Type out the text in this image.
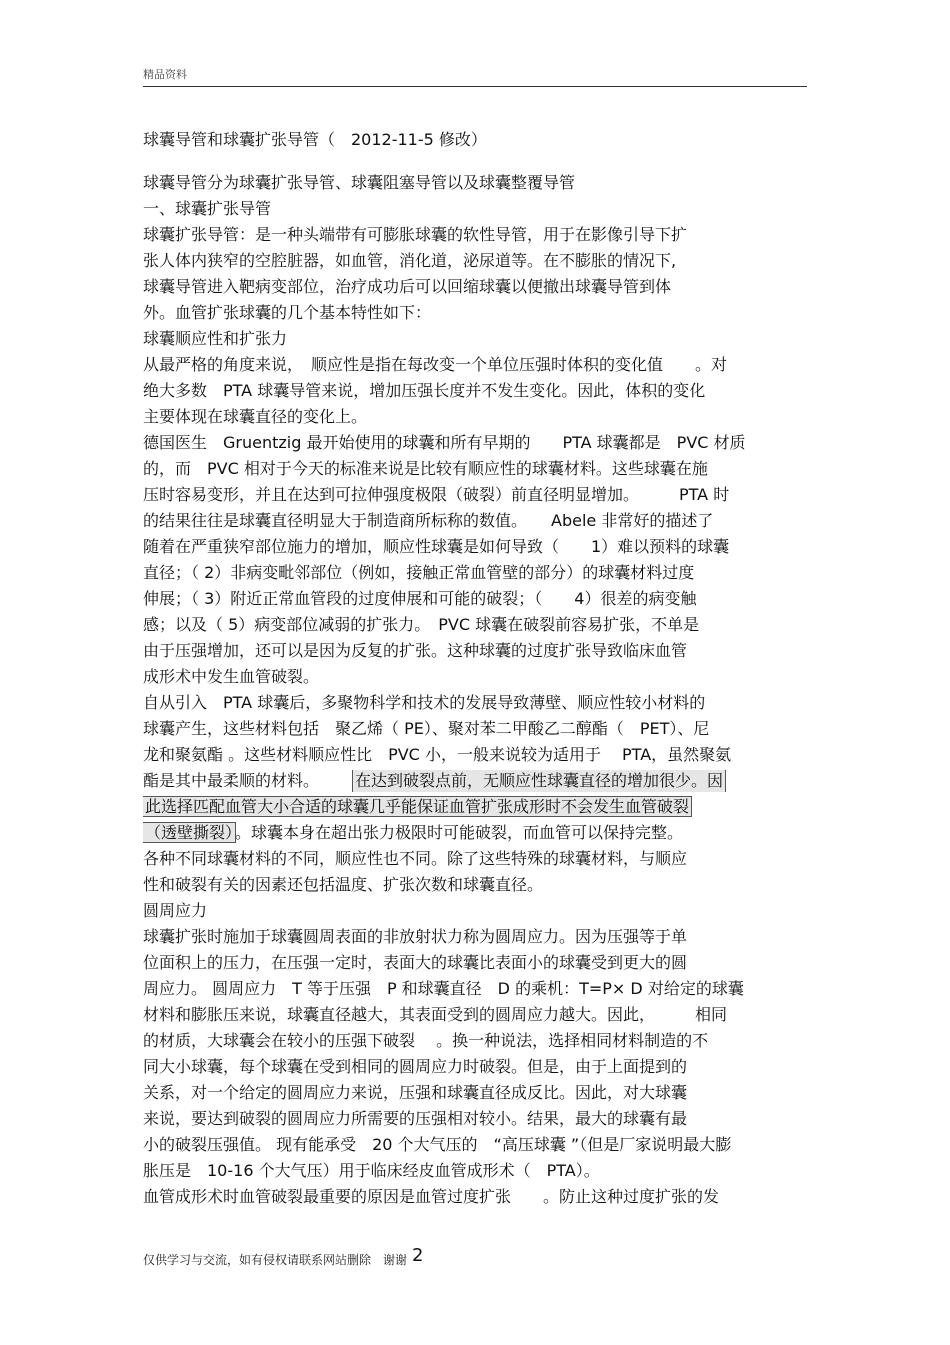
精品资料
球囊导管和球囊扩张导管（　2012-11-5 修改）
球囊导管分为球囊扩张导管、球囊阻塞导管以及球囊整覆导管
一、球囊扩张导管
球囊扩张导管：是一种头端带有可膨胀球囊的软性导管，用于在影像引导下扩
张人体内狭窄的空腔脏器，如血管，消化道，泌尿道等。在不膨胀的情况下,
球囊导管进入靶病变部位，治疗成功后可以回缩球囊以便撤出球囊导管到体
外。血管扩张球囊的几个基本特性如下：
球囊顺应性和扩张力
从最严格的角度来说，　顺应性是指在每改变一个单位压强时体积的变化值　　。对
绝大多数　PTA 球囊导管来说，增加压强长度并不发生变化。因此，体积的变化
主要体现在球囊直径的变化上。
德国医生　Gruentzig 最开始使用的球囊和所有早期的　　PTA 球囊都是　PVC 材质
的，而　PVC 相对于今天的标准来说是比较有顺应性的球囊材料。这些球囊在施
压时容易变形，并且在达到可拉伸强度极限（破裂）前直径明显增加。　　　PTA 时
的结果往往是球囊直径明显大于制造商所标称的数值。　　Abele 非常好的描述了
随着在严重狭窄部位施力的增加，顺应性球囊是如何导致（　　1）难以预料的球囊
直径；（ 2）非病变毗邻部位（例如，接触正常血管壁的部分）的球囊材料过度
伸展；（ 3）附近正常血管段的过度伸展和可能的破裂；（　　4）很差的病变触
感；以及（ 5）病变部位减弱的扩张力。　PVC 球囊在破裂前容易扩张，不单是
由于压强增加，还可以是因为反复的扩张。这种球囊的过度扩张导致临床血管
成形术中发生血管破裂。
自从引入　PTA 球囊后，多聚物科学和技术的发展导致薄壁、顺应性较小材料的
球囊产生，这些材料包括　聚乙烯（ PE）、聚对苯二甲酸乙二醇酯（　PET）、尼
龙和聚氨酯 。这些材料顺应性比　PVC 小，一般来说较为适用于　 PTA，虽然聚氨
酯是其中最柔顺的材料。 在达到破裂点前，无顺应性球囊直径的增加很少。因
此选择匹配血管大小合适的球囊几乎能保证血管扩张成形时不会发生血管破裂
（透壁撕裂） 。球囊本身在超出张力极限时可能破裂，而血管可以保持完整。
各种不同球囊材料的不同，顺应性也不同。除了这些特殊的球囊材料，与顺应
性和破裂有关的因素还包括温度、扩张次数和球囊直径。
圆周应力
球囊扩张时施加于球囊圆周表面的非放射状力称为圆周应力。因为压强等于单
位面积上的压力，在压强一定时，表面大的球囊比表面小的球囊受到更大的圆
周应力。 圆周应力　T 等于压强　P 和球囊直径　D 的乘机：T=P× D 对给定的球囊
材料和膨胀压来说，球囊直径越大，其表面受到的圆周应力越大。因此，　　　相同
的材质，大球囊会在较小的压强下破裂　 。换一种说法，选择相同材料制造的不
同大小球囊，每个球囊在受到相同的圆周应力时破裂。但是，由于上面提到的
关系，对一个给定的圆周应力来说，压强和球囊直径成反比。因此，对大球囊
来说，要达到破裂的圆周应力所需要的压强相对较小。结果，最大的球囊有最
小的破裂压强值。 现有能承受　20 个大气压的　“高压球囊 ”（但是厂家说明最大膨
胀压是　10-16 个大气压）用于临床经皮血管成形术（　PTA）。
血管成形术时血管破裂最重要的原因是血管过度扩张　　。防止这种过度扩张的发
仅供学习与交流，如有侵权请联系网站删除　谢谢 2
